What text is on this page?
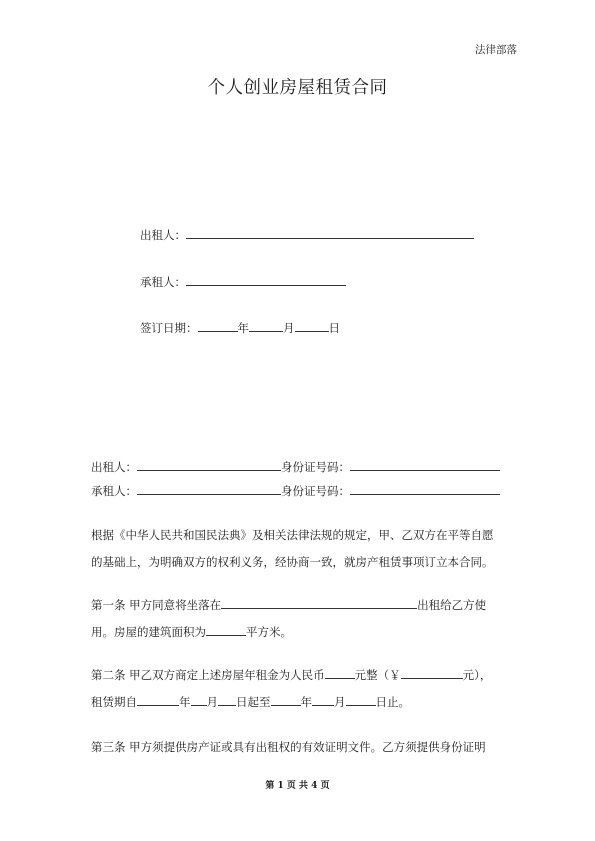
法律部落
个人创业房屋租赁合同
出租人：
承租人：
签订日期：	年	月	日
出租人：	身份证号码：
承租人：	身份证号码：

根据《中华人民共和国民法典》及相关法律法规的规定，甲、乙双方在平等自愿

的基础上，为明确双方的权利义务，经协商一致，就房产租赁事项订立本合同。

第一条 甲方同意将坐落在	出租给乙方使

用。房屋的建筑面积为	平方米。

第二条 甲乙双方商定上述房屋年租金为人民币	元整（￥	元），

租赁期自	年 月 日起至	年 月	日止。

第三条 甲方须提供房产证或具有出租权的有效证明文件。乙方须提供身份证明

第 1 页 共 4 页
